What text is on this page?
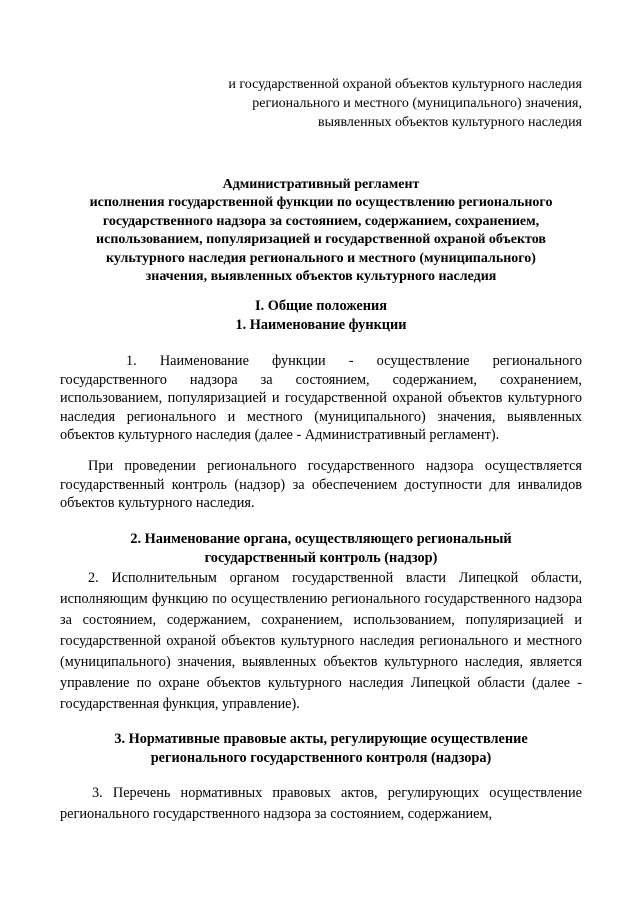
и государственной охраной объектов культурного наследия
регионального и местного (муниципального) значения,
выявленных объектов культурного наследия
Административный регламент
исполнения государственной функции по осуществлению регионального
государственного надзора за состоянием, содержанием, сохранением,
использованием, популяризацией и государственной охраной объектов
культурного наследия регионального и местного (муниципального)
значения, выявленных объектов культурного наследия
I. Общие положения
1. Наименование функции
1. Наименование функции - осуществление регионального государственного надзора за состоянием, содержанием, сохранением, использованием, популяризацией и государственной охраной объектов культурного наследия регионального и местного (муниципального) значения, выявленных объектов культурного наследия (далее - Административный регламент).
При проведении регионального государственного надзора осуществляется государственный контроль (надзор) за обеспечением доступности для инвалидов объектов культурного наследия.
2. Наименование органа, осуществляющего региональный
государственный контроль (надзор)
2. Исполнительным органом государственной власти Липецкой области, исполняющим функцию по осуществлению регионального государственного надзора за состоянием, содержанием, сохранением, использованием, популяризацией и государственной охраной объектов культурного наследия регионального и местного (муниципального) значения, выявленных объектов культурного наследия, является управление по охране объектов культурного наследия Липецкой области (далее - государственная функция, управление).
3. Нормативные правовые акты, регулирующие осуществление
регионального государственного контроля (надзора)
3. Перечень нормативных правовых актов, регулирующих осуществление регионального государственного надзора за состоянием, содержанием,
